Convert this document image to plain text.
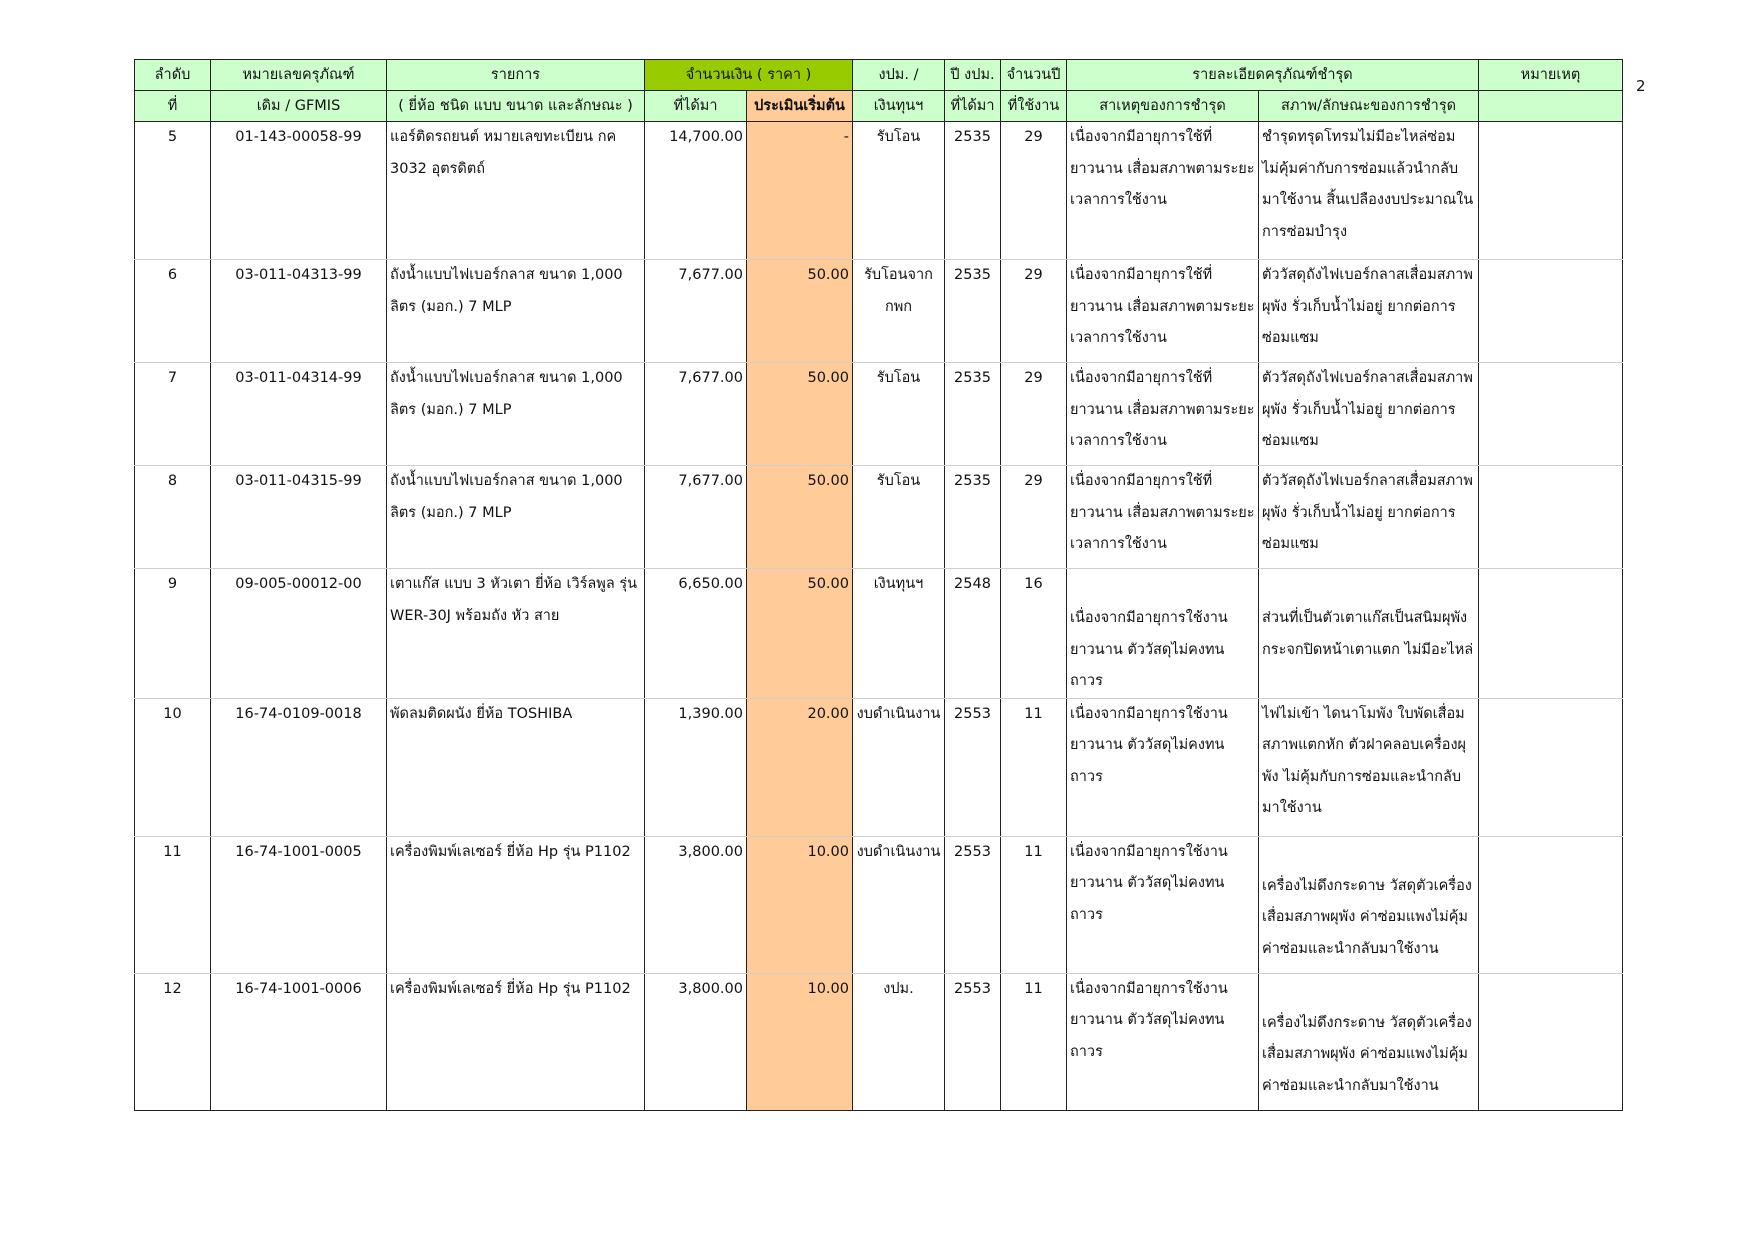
2
ลำดับ	หมายเลขครุภัณฑ์	รายการ	จำนวนเงิน ( ราคา )		งปม. /	ปี งปม.	จำนวนปี	รายละเอียดครุภัณฑ์ชำรุด		หมายเหตุ
ที่	เดิม / GFMIS	( ยี่ห้อ ชนิด แบบ ขนาด และลักษณะ )	ที่ได้มา	ประเมินเริ่มต้น	เงินทุนฯ	ที่ได้มา	ที่ใช้งาน	สาเหตุของการชำรุด	สภาพ/ลักษณะของการชำรุด	
5	01-143-00058-99	แอร์ติดรถยนต์ หมายเลขทะเบียน กค 3032 อุตรดิตถ์	14,700.00	-	รับโอน	2535	29	เนื่องจากมีอายุการใช้ที่ยาวนาน เสื่อมสภาพตามระยะเวลาการใช้งาน	ชำรุดทรุดโทรมไม่มีอะไหล่ซ่อม ไม่คุ้มค่ากับการซ่อมแล้วนำกลับมาใช้งาน สิ้นเปลืองงบประมาณในการซ่อมบำรุง	
6	03-011-04313-99	ถังน้ำแบบไฟเบอร์กลาส ขนาด 1,000 ลิตร (มอก.) 7 MLP	7,677.00	50.00	รับโอนจาก กพก	2535	29	เนื่องจากมีอายุการใช้ที่ยาวนาน เสื่อมสภาพตามระยะเวลาการใช้งาน	ตัววัสดุถังไฟเบอร์กลาสเสื่อมสภาพผุพัง รั่วเก็บน้ำไม่อยู่ ยากต่อการซ่อมแซม	
7	03-011-04314-99	ถังน้ำแบบไฟเบอร์กลาส ขนาด 1,000 ลิตร (มอก.) 7 MLP	7,677.00	50.00	รับโอน	2535	29	เนื่องจากมีอายุการใช้ที่ยาวนาน เสื่อมสภาพตามระยะเวลาการใช้งาน	ตัววัสดุถังไฟเบอร์กลาสเสื่อมสภาพผุพัง รั่วเก็บน้ำไม่อยู่ ยากต่อการซ่อมแซม	
8	03-011-04315-99	ถังน้ำแบบไฟเบอร์กลาส ขนาด 1,000 ลิตร (มอก.) 7 MLP	7,677.00	50.00	รับโอน	2535	29	เนื่องจากมีอายุการใช้ที่ยาวนาน เสื่อมสภาพตามระยะเวลาการใช้งาน	ตัววัสดุถังไฟเบอร์กลาสเสื่อมสภาพผุพัง รั่วเก็บน้ำไม่อยู่ ยากต่อการซ่อมแซม	
9	09-005-00012-00	เตาแก๊ส แบบ 3 หัวเตา ยี่ห้อ เวิร์ลพูล รุ่น WER-30J พร้อมถัง หัว สาย	6,650.00	50.00	เงินทุนฯ	2548	16	เนื่องจากมีอายุการใช้งานยาวนาน ตัววัสดุไม่คงทนถาวร	ส่วนที่เป็นตัวเตาแก๊สเป็นสนิมผุพัง กระจกปิดหน้าเตาแตก ไม่มีอะไหล่	
10	16-74-0109-0018	พัดลมติดผนัง ยี่ห้อ TOSHIBA	1,390.00	20.00	งบดำเนินงาน	2553	11	เนื่องจากมีอายุการใช้งานยาวนาน ตัววัสดุไม่คงทนถาวร	ไฟไม่เข้า ไดนาโมพัง ใบพัดเสื่อมสภาพแตกหัก ตัวฝาคลอบเครื่องผุพัง ไม่คุ้มกับการซ่อมและนำกลับมาใช้งาน	
11	16-74-1001-0005	เครื่องพิมพ์เลเซอร์ ยี่ห้อ Hp รุ่น P1102	3,800.00	10.00	งบดำเนินงาน	2553	11	เนื่องจากมีอายุการใช้งานยาวนาน ตัววัสดุไม่คงทนถาวร	เครื่องไม่ดึงกระดาษ วัสดุตัวเครื่องเสื่อมสภาพผุพัง ค่าซ่อมแพงไม่คุ้มค่าซ่อมและนำกลับมาใช้งาน	
12	16-74-1001-0006	เครื่องพิมพ์เลเซอร์ ยี่ห้อ Hp รุ่น P1102	3,800.00	10.00	งปม.	2553	11	เนื่องจากมีอายุการใช้งานยาวนาน ตัววัสดุไม่คงทนถาวร	เครื่องไม่ดึงกระดาษ วัสดุตัวเครื่องเสื่อมสภาพผุพัง ค่าซ่อมแพงไม่คุ้มค่าซ่อมและนำกลับมาใช้งาน	
